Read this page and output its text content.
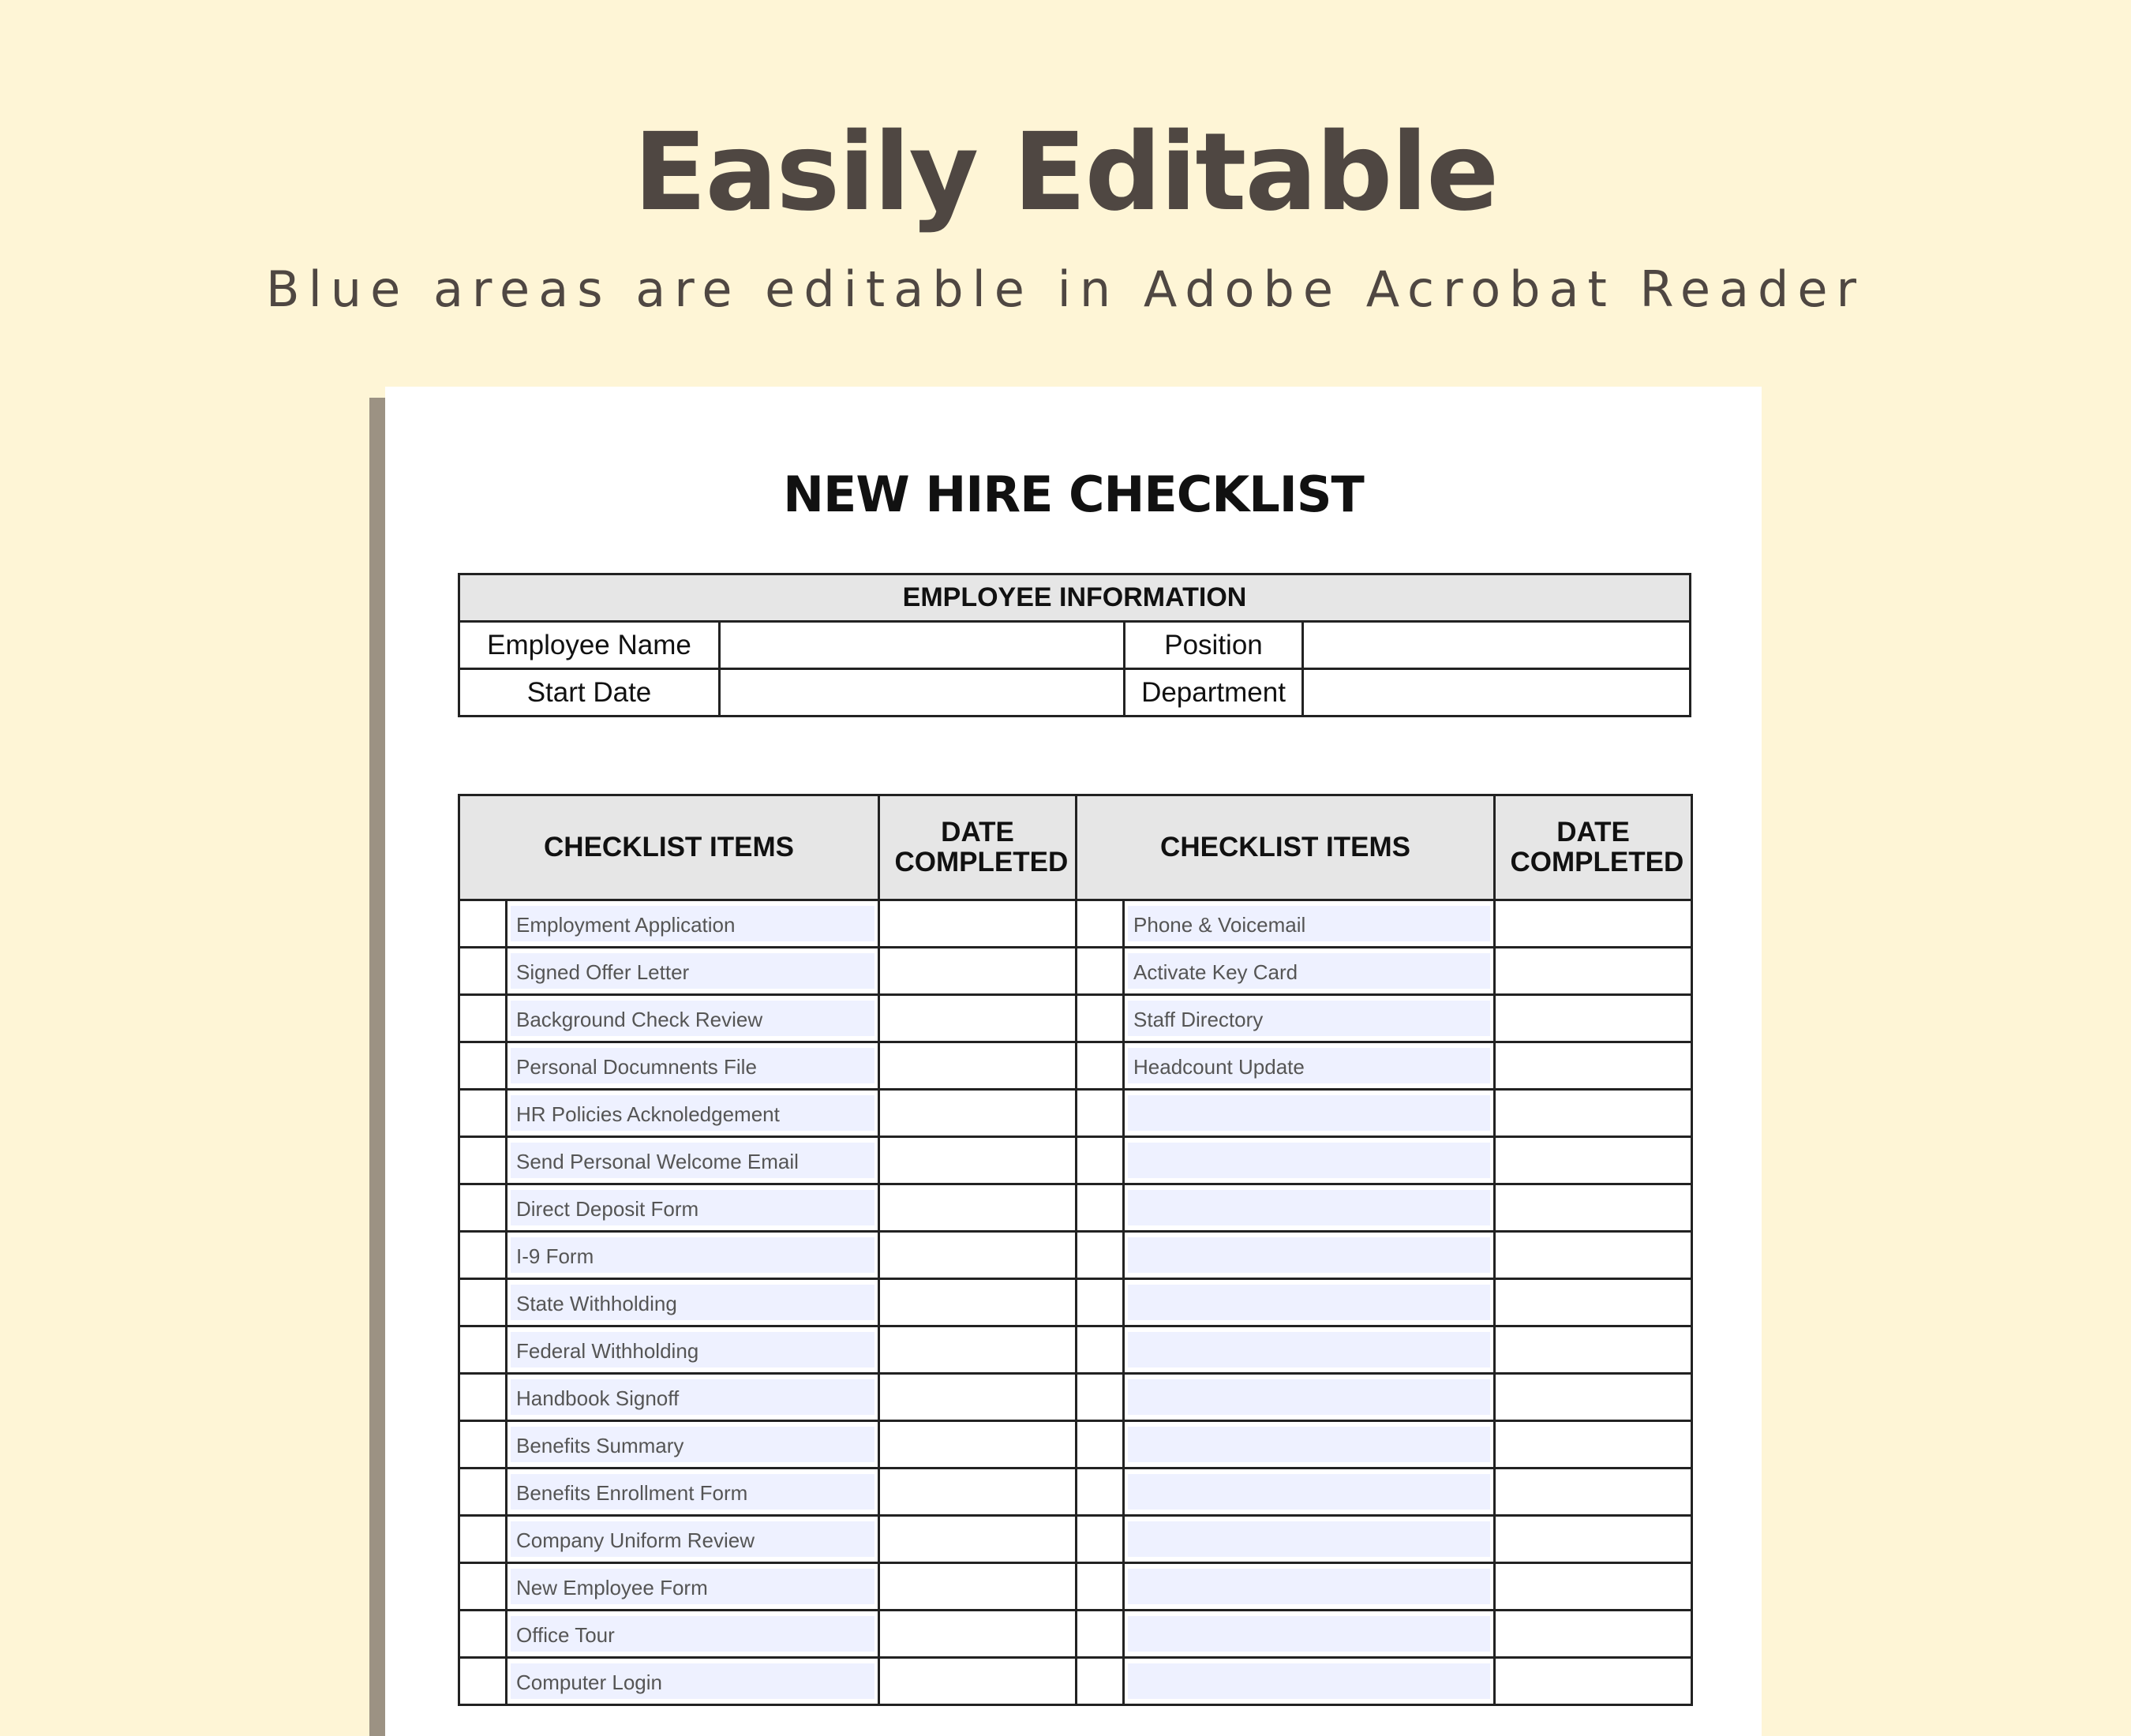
Easily Editable
Blue areas are editable in Adobe Acrobat Reader
NEW HIRE CHECKLIST
EMPLOYEE INFORMATION			
Employee Name		Position	
Start Date		Department	
CHECKLIST ITEMS		DATE COMPLETED	CHECKLIST ITEMS		DATE COMPLETED

	Employment Application			Phone & Voicemail	

	Signed Offer Letter			Activate Key Card	

	Background Check Review			Staff Directory	

	Personal Documnents File			Headcount Update	

	HR Policies Acknoledgement				

	Send Personal Welcome Email				

	Direct Deposit Form				

	I-9 Form				

	State Withholding				

	Federal Withholding				

	Handbook Signoff				

	Benefits Summary				

	Benefits Enrollment Form				

	Company Uniform Review				

	New Employee Form				

	Office Tour				

	Computer Login				
